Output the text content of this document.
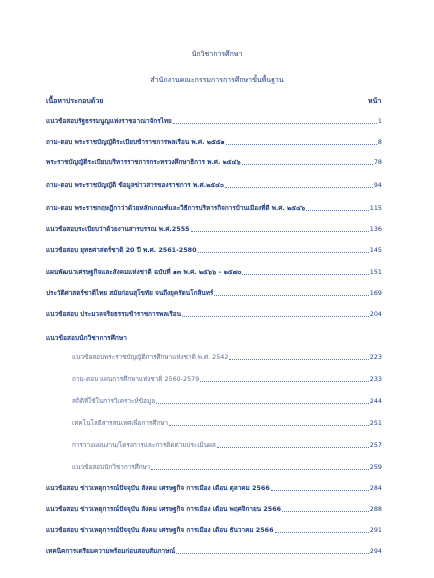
นักวิชาการศึกษา
สำนักงานคณะกรรมการการศึกษาขั้นพื้นฐาน
เนื้อหาประกอบด้วย	หน้า
แนวข้อสอบรัฐธรรมนูญแห่งราชอาณาจักรไทย	1
ถาม-ตอบ พระราชบัญญัติระเบียบข้าราชการพลเรือน พ.ศ. ๒๕๕๑	8
พระราชบัญญัติระเบียบบริหารราชการกระทรวงศึกษาธิการ พ.ศ. ๒๕๔๖	78
ถาม-ตอบ พระราชบัญญัติ ข้อมูลข่าวสารของราชการ พ.ศ.๒๕๔๐	94
ถาม-ตอบ พระราชกฤษฎีกาว่าด้วยหลักเกณฑ์และวิธีการบริหารกิจการบ้านเมืองที่ดี พ.ศ. ๒๕๔๖	115
แนวข้อสอบระเบียบว่าด้วยงานสารบรรณ พ.ศ.2555	136
แนวข้อสอบ ยุทธศาสตร์ชาติ 20 ปี พ.ศ. 2561-2580	145
แผนพัฒนาเศรษฐกิจและสังคมแห่งชาติ ฉบับที่ ๑๓ พ.ศ. ๒๕๖๖ – ๒๕๗๐	151
ประวัติศาสตร์ชาติไทย สมัยก่อนสุโขทัย จนถึงยุครัตนโกสินทร์	169
แนวข้อสอบ ประมวลจริยธรรมข้าราชการพลเรือน	204
แนวข้อสอบนักวิชาการศึกษา
แนวข้อสอบพระราชบัญญัติการศึกษาแห่งชาติ พ.ศ. 2542	223
ถาม-ตอบ แผนการศึกษาแห่งชาติ 2560-2579	233
สถิติที่ใช้ในการวิเคราะห์ข้อมูล	244
เทคโนโลยีสารสนเทศเพื่อการศึกษา	251
การวางแผนงาน/โครงการและการติดตามประเมินผล	257
แนวข้อสอบนักวิชาการศึกษา	259
แนวข้อสอบ ข่าวเหตุการณ์ปัจจุบัน สังคม เศรษฐกิจ การเมือง เดือน ตุลาคม 2566	284
แนวข้อสอบ ข่าวเหตุการณ์ปัจจุบัน สังคม เศรษฐกิจ การเมือง เดือน พฤศจิกายน 2566	288
แนวข้อสอบ ข่าวเหตุการณ์ปัจจุบัน สังคม เศรษฐกิจ การเมือง เดือน ธันวาคม 2566	291
เทคนิคการเตรียมความพร้อมก่อนสอบสัมภาษณ์	294
